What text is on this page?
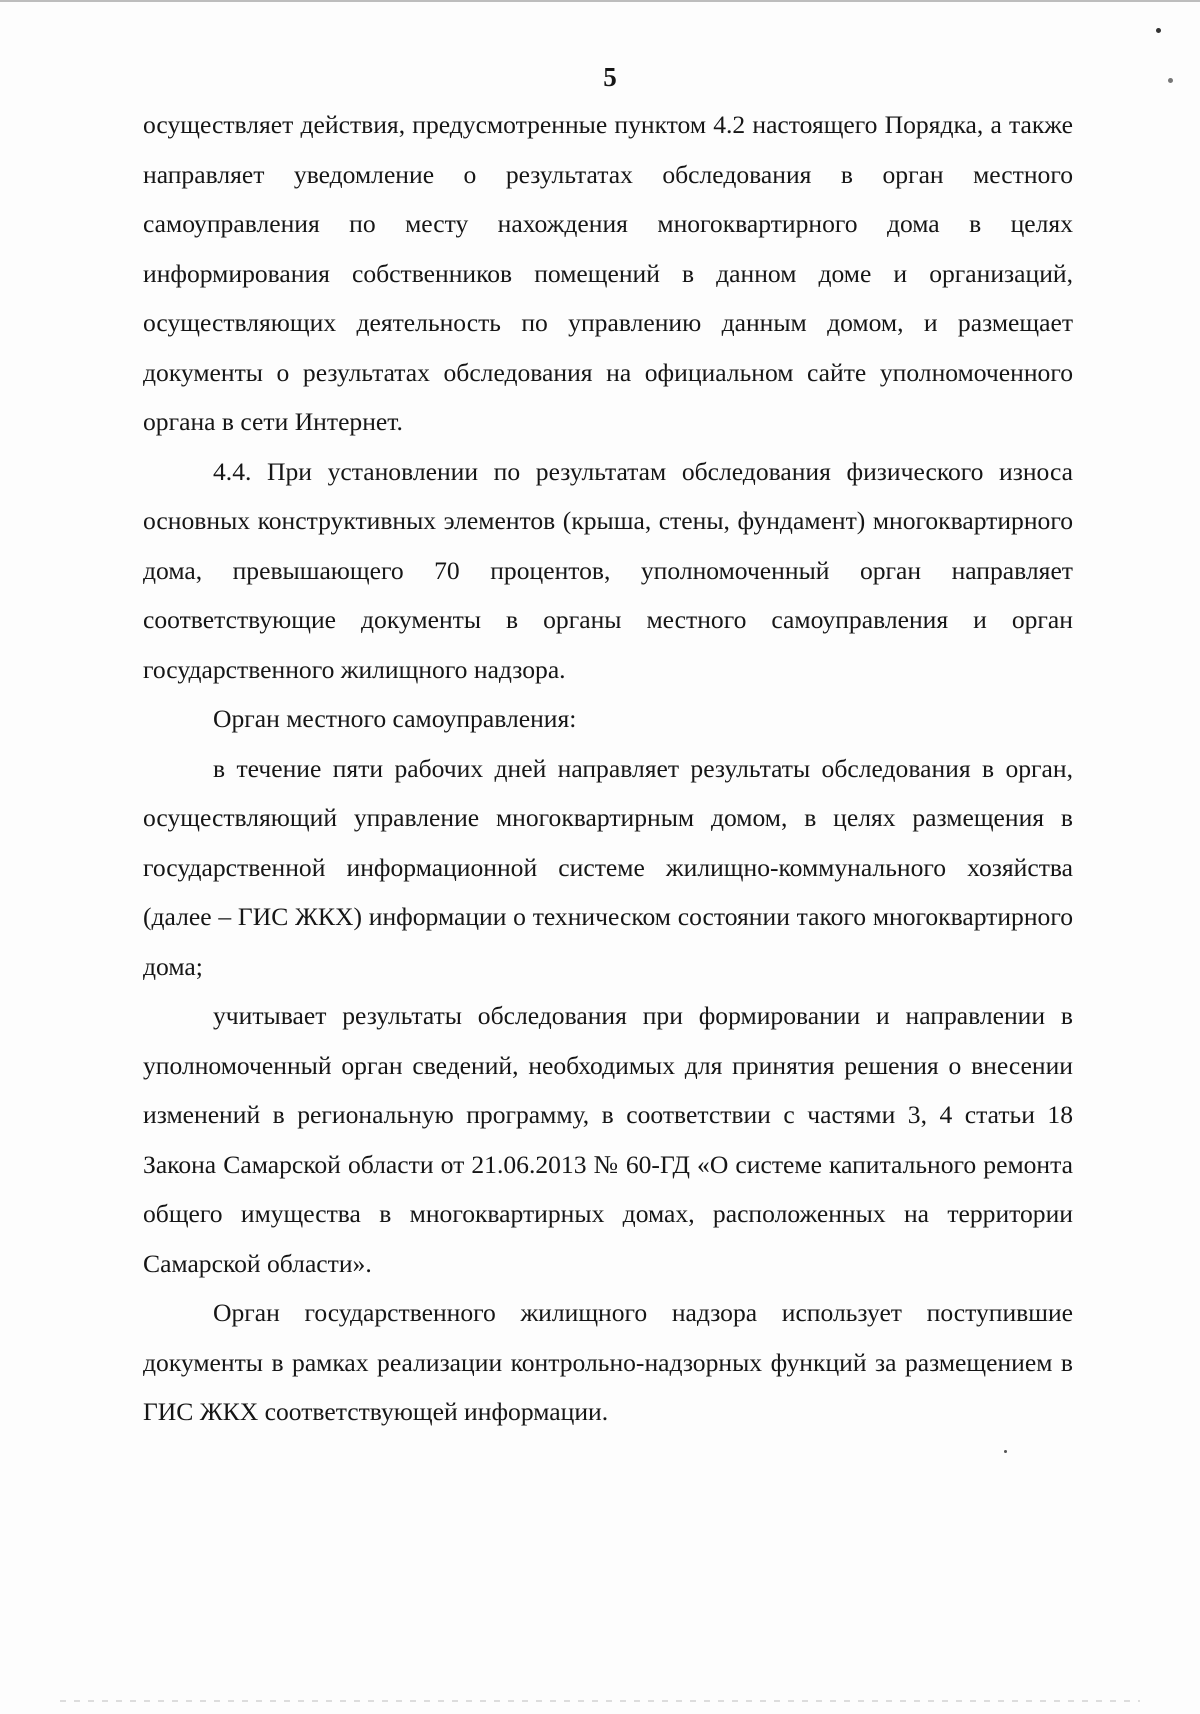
5

осуществляет действия, предусмотренные пунктом 4.2 настоящего Порядка, а также направляет уведомление о результатах обследования в орган местного самоуправления по месту нахождения многоквартирного дома в целях информирования собственников помещений в данном доме и организаций, осуществляющих деятельность по управлению данным домом, и размещает документы о результатах обследования на официальном сайте уполномоченного органа в сети Интернет.

4.4. При установлении по результатам обследования физического износа основных конструктивных элементов (крыша, стены, фундамент) многоквартирного дома, превышающего 70 процентов, уполномоченный орган направляет соответствующие документы в органы местного самоуправления и орган государственного жилищного надзора.

Орган местного самоуправления:

в течение пяти рабочих дней направляет результаты обследования в орган, осуществляющий управление многоквартирным домом, в целях размещения в государственной информационной системе жилищно-коммунального хозяйства (далее – ГИС ЖКХ) информации о техническом состоянии такого многоквартирного дома;

учитывает результаты обследования при формировании и направлении в уполномоченный орган сведений, необходимых для принятия решения о внесении изменений в региональную программу, в соответствии с частями 3, 4 статьи 18 Закона Самарской области от 21.06.2013 № 60-ГД «О системе капитального ремонта общего имущества в многоквартирных домах, расположенных на территории Самарской области».

Орган государственного жилищного надзора использует поступившие документы в рамках реализации контрольно-надзорных функций за размещением в ГИС ЖКХ соответствующей информации.
